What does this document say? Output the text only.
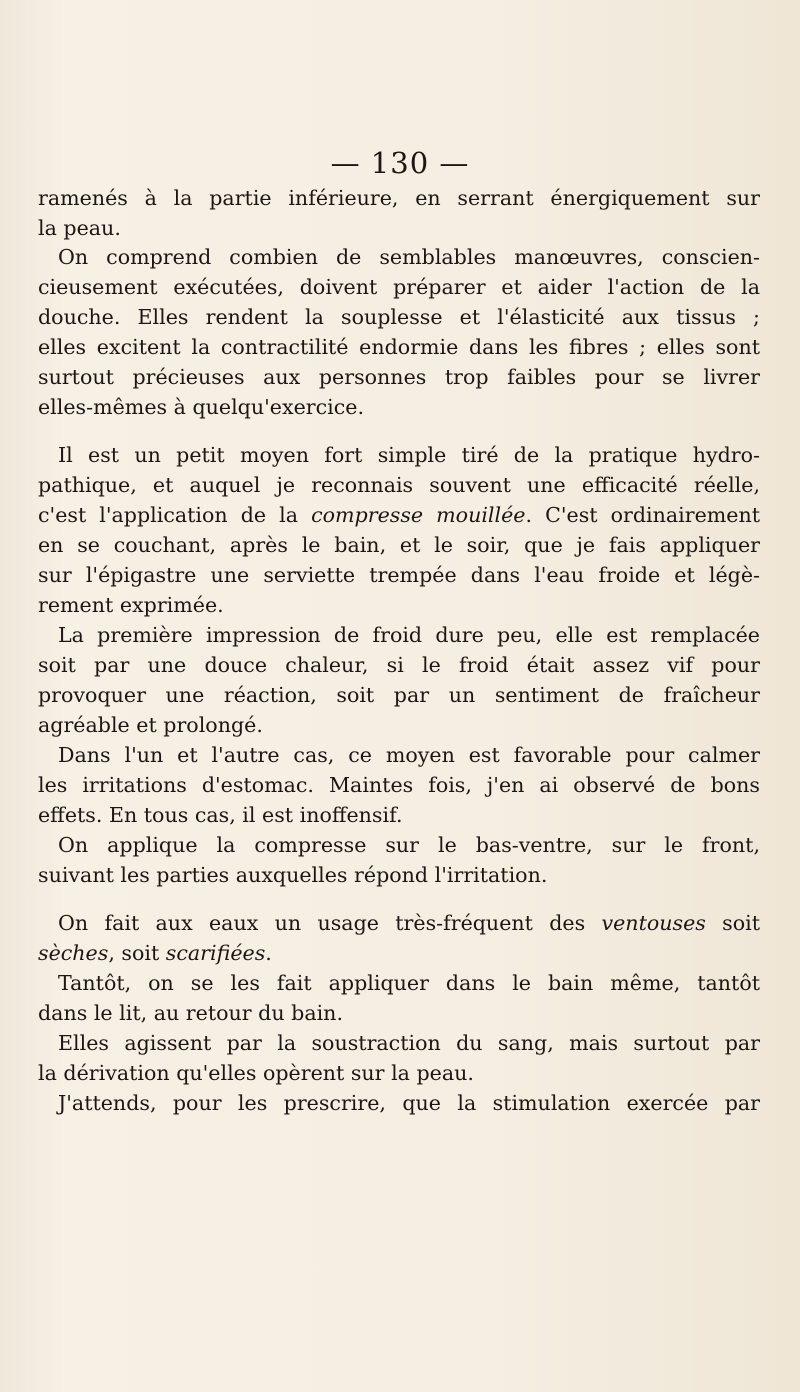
— 130 —
ramenés à la partie inférieure, en serrant énergiquement sur
la peau.
On comprend combien de semblables manœuvres, conscien-
cieusement exécutées, doivent préparer et aider l'action de la
douche. Elles rendent la souplesse et l'élasticité aux tissus ;
elles excitent la contractilité endormie dans les fibres ; elles sont
surtout précieuses aux personnes trop faibles pour se livrer
elles-mêmes à quelqu'exercice.
Il est un petit moyen fort simple tiré de la pratique hydro-
pathique, et auquel je reconnais souvent une efficacité réelle,
c'est l'application de la compresse mouillée. C'est ordinairement
en se couchant, après le bain, et le soir, que je fais appliquer
sur l'épigastre une serviette trempée dans l'eau froide et légè-
rement exprimée.
La première impression de froid dure peu, elle est remplacée
soit par une douce chaleur, si le froid était assez vif pour
provoquer une réaction, soit par un sentiment de fraîcheur
agréable et prolongé.
Dans l'un et l'autre cas, ce moyen est favorable pour calmer
les irritations d'estomac. Maintes fois, j'en ai observé de bons
effets. En tous cas, il est inoffensif.
On applique la compresse sur le bas-ventre, sur le front,
suivant les parties auxquelles répond l'irritation.
On fait aux eaux un usage très-fréquent des ventouses soit
sèches, soit scarifiées.
Tantôt, on se les fait appliquer dans le bain même, tantôt
dans le lit, au retour du bain.
Elles agissent par la soustraction du sang, mais surtout par
la dérivation qu'elles opèrent sur la peau.
J'attends, pour les prescrire, que la stimulation exercée par
